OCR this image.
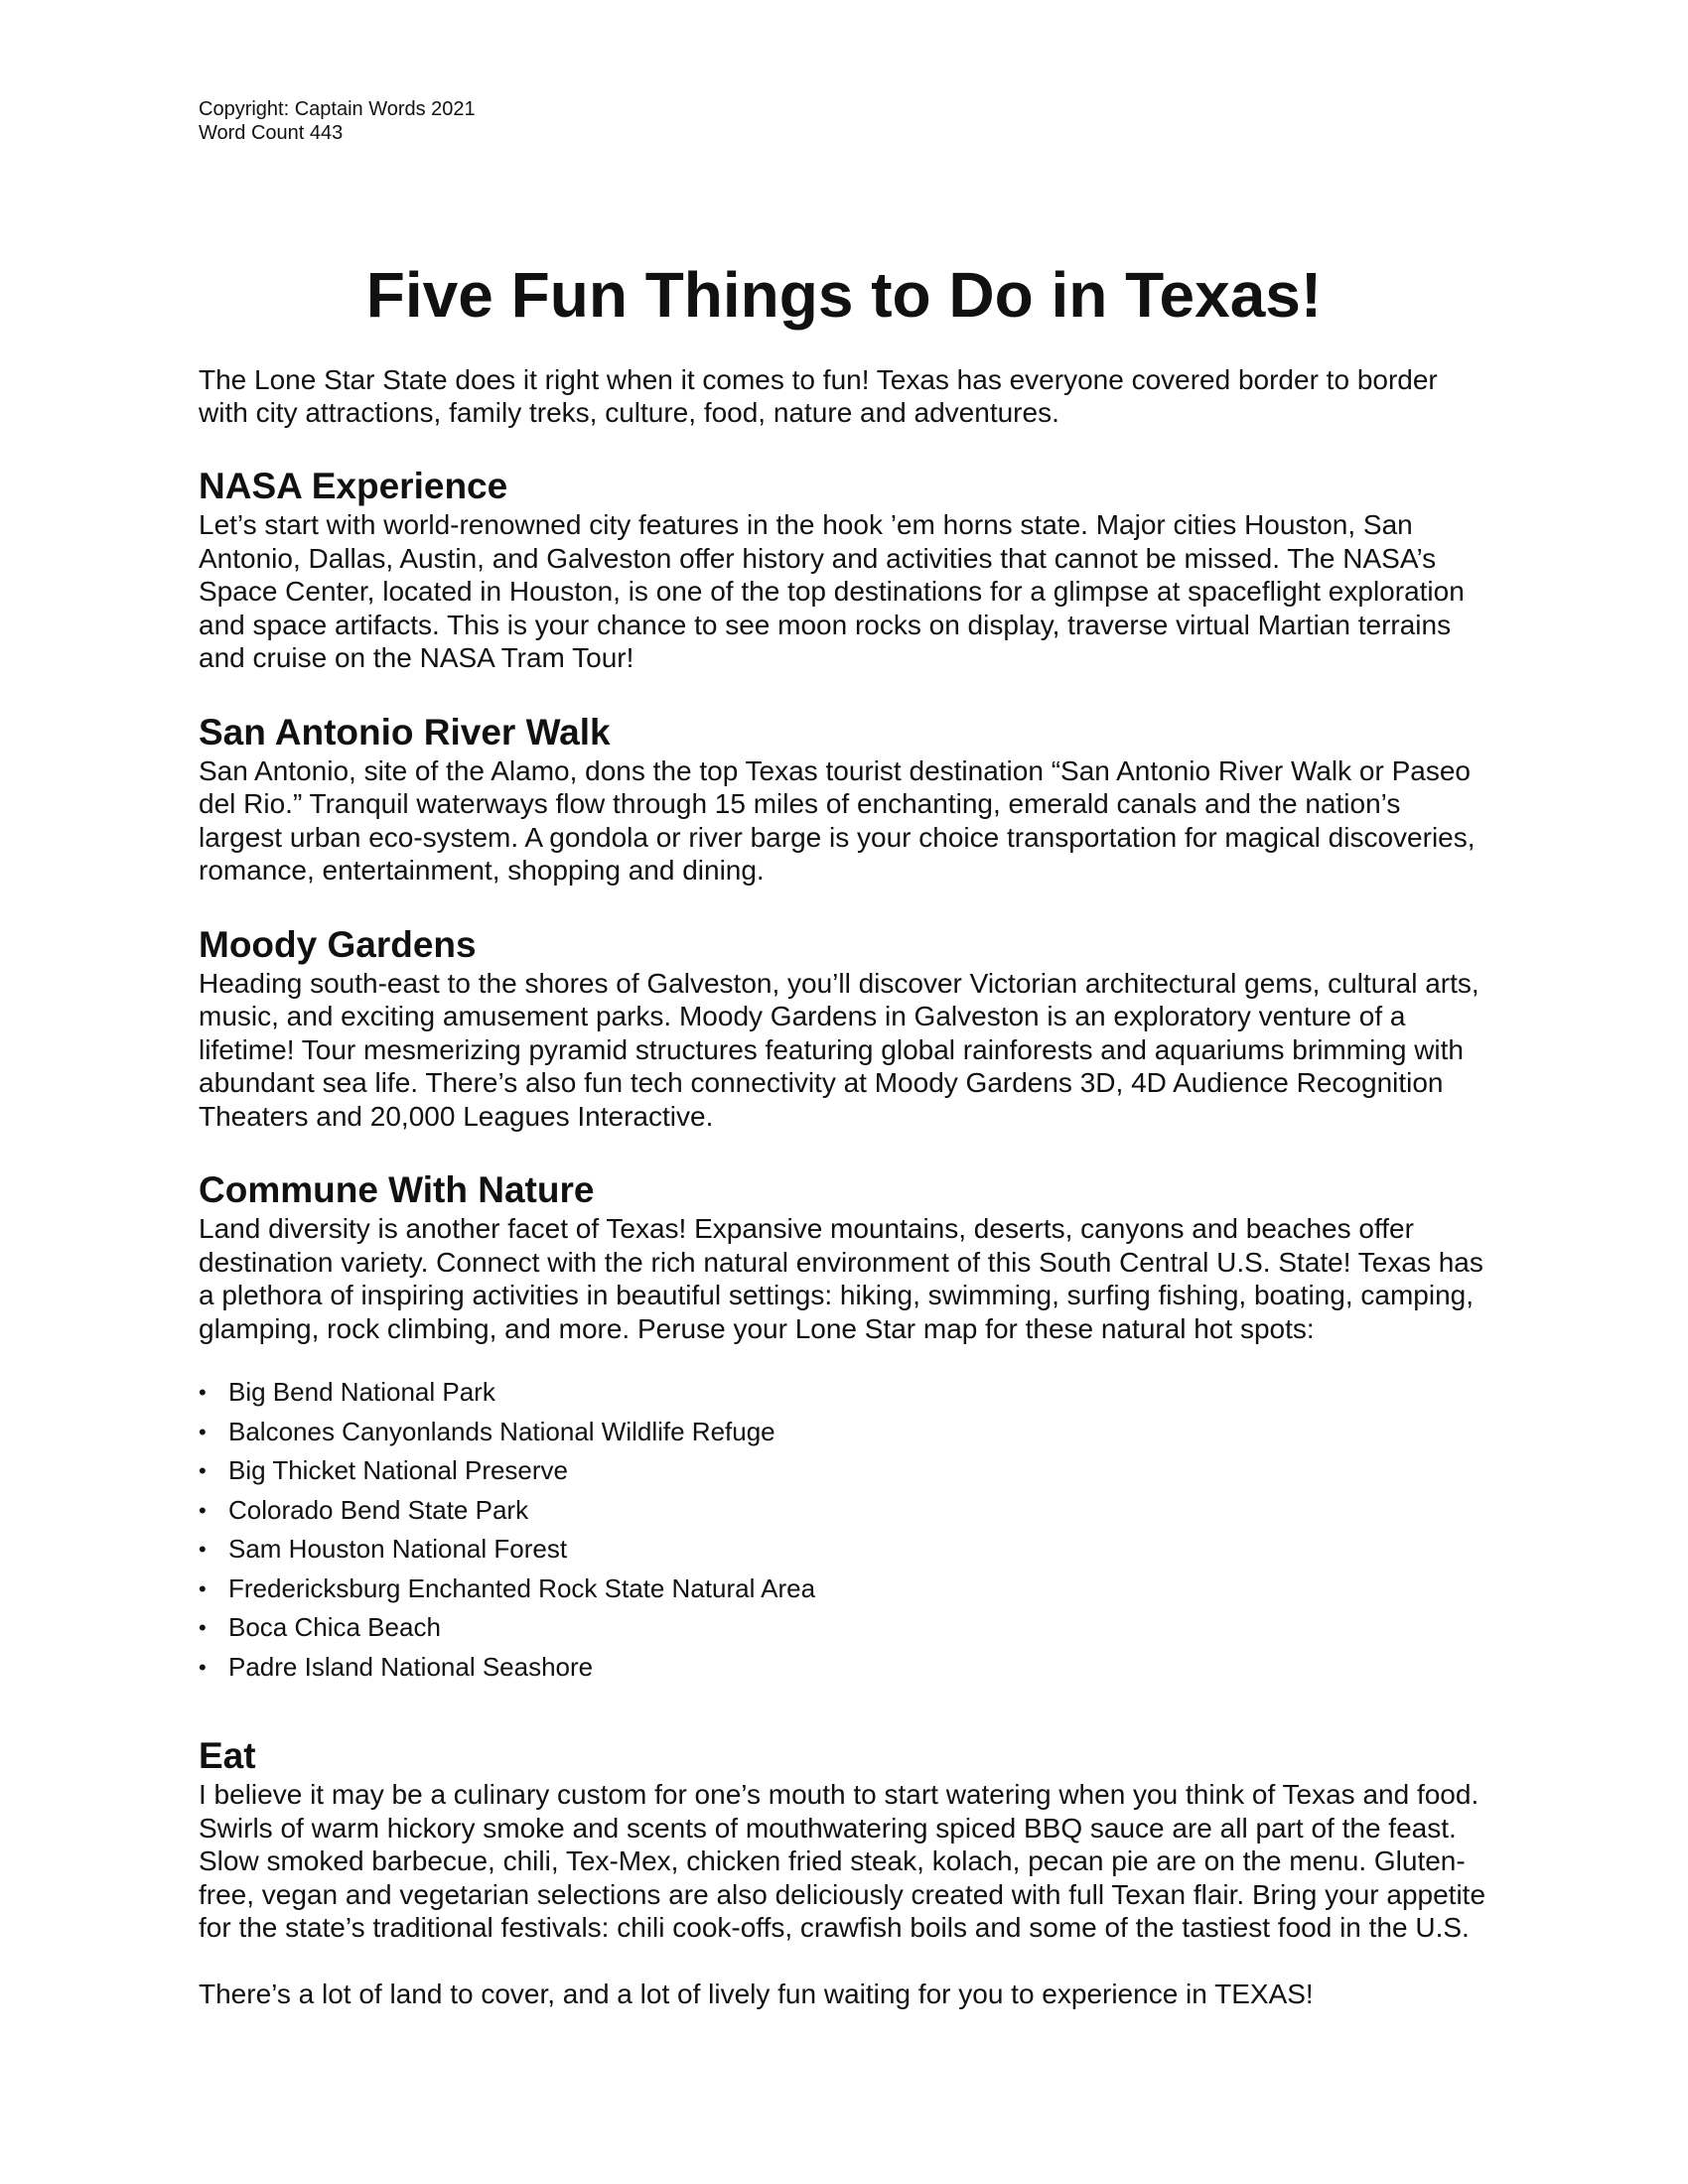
Copyright: Captain Words 2021

Word Count 443

Five Fun Things to Do in Texas!

The Lone Star State does it right when it comes to fun! Texas has everyone covered border to border with city attractions, family treks, culture, food, nature and adventures.

NASA Experience

Let’s start with world-renowned city features in the hook ’em horns state. Major cities Houston, San Antonio, Dallas, Austin, and Galveston offer history and activities that cannot be missed. The NASA’s Space Center, located in Houston, is one of the top destinations for a glimpse at spaceflight exploration and space artifacts. This is your chance to see moon rocks on display, traverse virtual Martian terrains and cruise on the NASA Tram Tour!

San Antonio River Walk

San Antonio, site of the Alamo, dons the top Texas tourist destination “San Antonio River Walk or Paseo del Rio.” Tranquil waterways flow through 15 miles of enchanting, emerald canals and the nation’s largest urban eco-system. A gondola or river barge is your choice transportation for magical discoveries, romance, entertainment, shopping and dining.

Moody Gardens

Heading south-east to the shores of Galveston, you’ll discover Victorian architectural gems, cultural arts, music, and exciting amusement parks. Moody Gardens in Galveston is an exploratory venture of a lifetime! Tour mesmerizing pyramid structures featuring global rainforests and aquariums brimming with abundant sea life. There’s also fun tech connectivity at Moody Gardens 3D, 4D Audience Recognition Theaters and 20,000 Leagues Interactive.

Commune With Nature

Land diversity is another facet of Texas! Expansive mountains, deserts, canyons and beaches offer destination variety. Connect with the rich natural environment of this South Central U.S. State! Texas has a plethora of inspiring activities in beautiful settings: hiking, swimming, surfing fishing, boating, camping, glamping, rock climbing, and more. Peruse your Lone Star map for these natural hot spots:

• Big Bend National Park
• Balcones Canyonlands National Wildlife Refuge
• Big Thicket National Preserve
• Colorado Bend State Park
• Sam Houston National Forest
• Fredericksburg Enchanted Rock State Natural Area
• Boca Chica Beach
• Padre Island National Seashore
Eat

I believe it may be a culinary custom for one’s mouth to start watering when you think of Texas and food. Swirls of warm hickory smoke and scents of mouthwatering spiced BBQ sauce are all part of the feast. Slow smoked barbecue, chili, Tex-Mex, chicken fried steak, kolach, pecan pie are on the menu. Gluten-free, vegan and vegetarian selections are also deliciously created with full Texan flair. Bring your appetite for the state’s traditional festivals: chili cook-offs, crawfish boils and some of the tastiest food in the U.S.

There’s a lot of land to cover, and a lot of lively fun waiting for you to experience in TEXAS!
